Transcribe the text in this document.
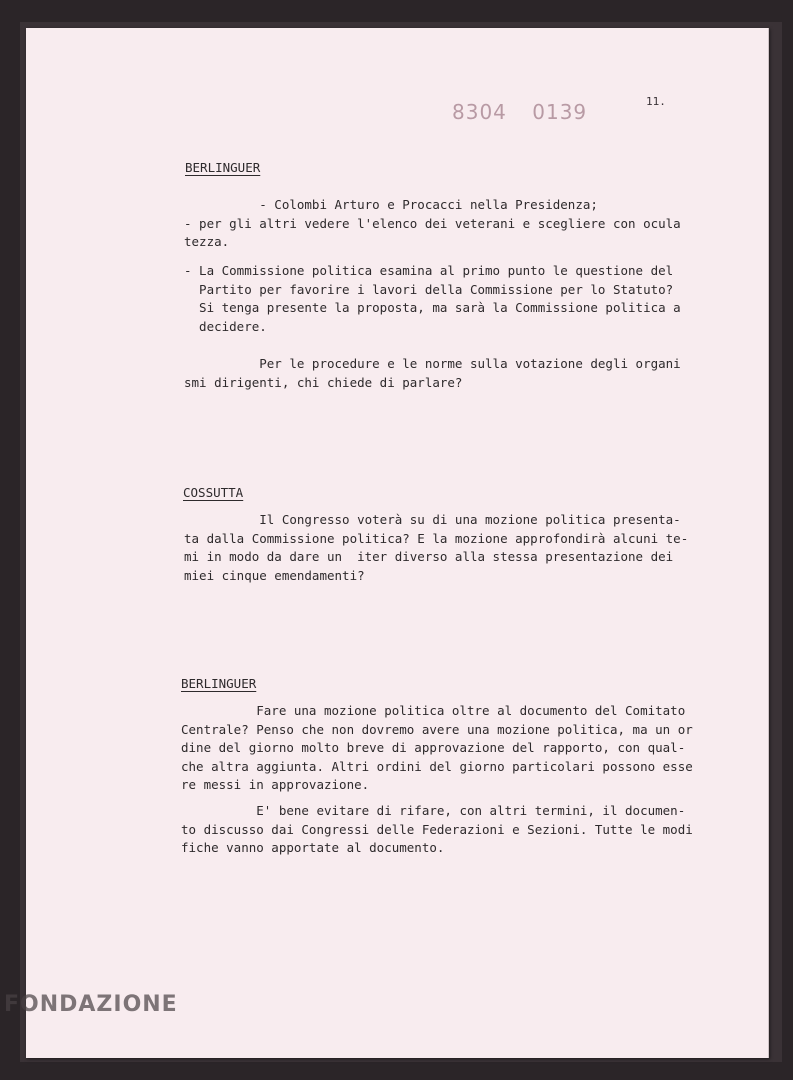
8304 0139	11.
BERLINGUER
- Colombi Arturo e Procacci nella Presidenza;
- per gli altri vedere l'elenco dei veterani e scegliere con ocula
tezza.
- La Commissione politica esamina al primo punto le questione del
Partito per favorire i lavori della Commissione per lo Statuto?
Si tenga presente la proposta, ma sarà la Commissione politica a
decidere.
Per le procedure e le norme sulla votazione degli organi
smi dirigenti, chi chiede di parlare?
COSSUTTA
Il Congresso voterà su di una mozione politica presenta-
ta dalla Commissione politica? E la mozione approfondirà alcuni te-
mi in modo da dare un  iter diverso alla stessa presentazione dei
miei cinque emendamenti?
BERLINGUER
Fare una mozione politica oltre al documento del Comitato
Centrale? Penso che non dovremo avere una mozione politica, ma un or
dine del giorno molto breve di approvazione del rapporto, con qual-
che altra aggiunta. Altri ordini del giorno particolari possono esse
re messi in approvazione.
E' bene evitare di rifare, con altri termini, il documen-
to discusso dai Congressi delle Federazioni e Sezioni. Tutte le modi
fiche vanno apportate al documento.
FONDAZIONE
